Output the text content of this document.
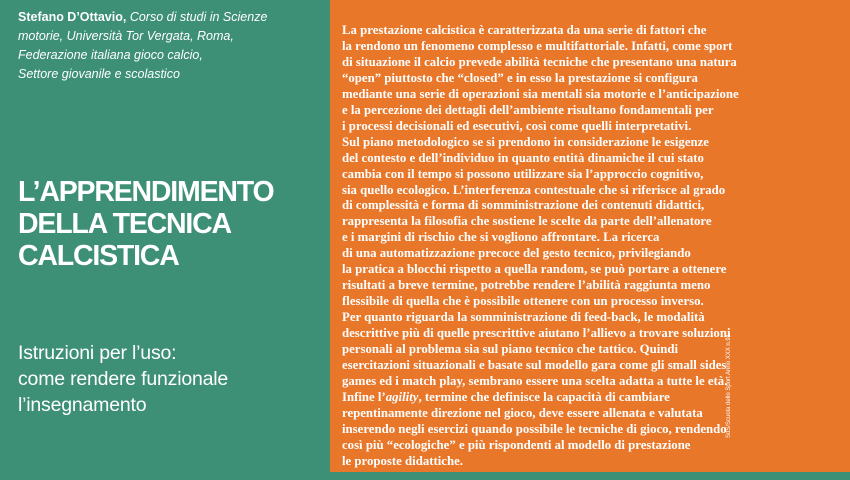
Stefano D’Ottavio, Corso di studi in Scienze
motorie, Università Tor Vergata, Roma,
Federazione italiana gioco calcio,
Settore giovanile e scolastico
L’APPRENDIMENTO
DELLA TECNICA
CALCISTICA
Istruzioni per l’uso:
come rendere funzionale
l’insegnamento
La prestazione calcistica è caratterizzata da una serie di fattori che
la rendono un fenomeno complesso e multifattoriale. Infatti, come sport
di situazione il calcio prevede abilità tecniche che presentano una natura
“open” piuttosto che “closed” e in esso la prestazione si configura
mediante una serie di operazioni sia mentali sia motorie e l’anticipazione
e la percezione dei dettagli dell’ambiente risultano fondamentali per
i processi decisionali ed esecutivi, così come quelli interpretativi.
Sul piano metodologico se si prendono in considerazione le esigenze
del contesto e dell’individuo in quanto entità dinamiche il cui stato
cambia con il tempo si possono utilizzare sia l’approccio cognitivo,
sia quello ecologico. L’interferenza contestuale che si riferisce al grado
di complessità e forma di somministrazione dei contenuti didattici,
rappresenta la filosofia che sostiene le scelte da parte dell’allenatore
e i margini di rischio che si vogliono affrontare. La ricerca
di una automatizzazione precoce del gesto tecnico, privilegiando
la pratica a blocchi rispetto a quella random, se può portare a ottenere
risultati a breve termine, potrebbe rendere l’abilità raggiunta meno
flessibile di quella che è possibile ottenere con un processo inverso.
Per quanto riguarda la somministrazione di feed-back, le modalità
descrittive più di quelle prescrittive aiutano l’allievo a trovare soluzioni
personali al problema sia sul piano tecnico che tattico. Quindi
esercitazioni situazionali e basate sul modello gara come gli small sides
games ed i match play, sembrano essere una scelta adatta a tutte le età.
Infine l’agility, termine che definisce la capacità di cambiare
repentinamente direzione nel gioco, deve essere allenata e valutata
inserendo negli esercizi quando possibile le tecniche di gioco, rendendo
così più “ecologiche” e più rispondenti al modello di prestazione
le proposte didattiche.
SdS/Scuola dello Sport Anno XXX n.91
